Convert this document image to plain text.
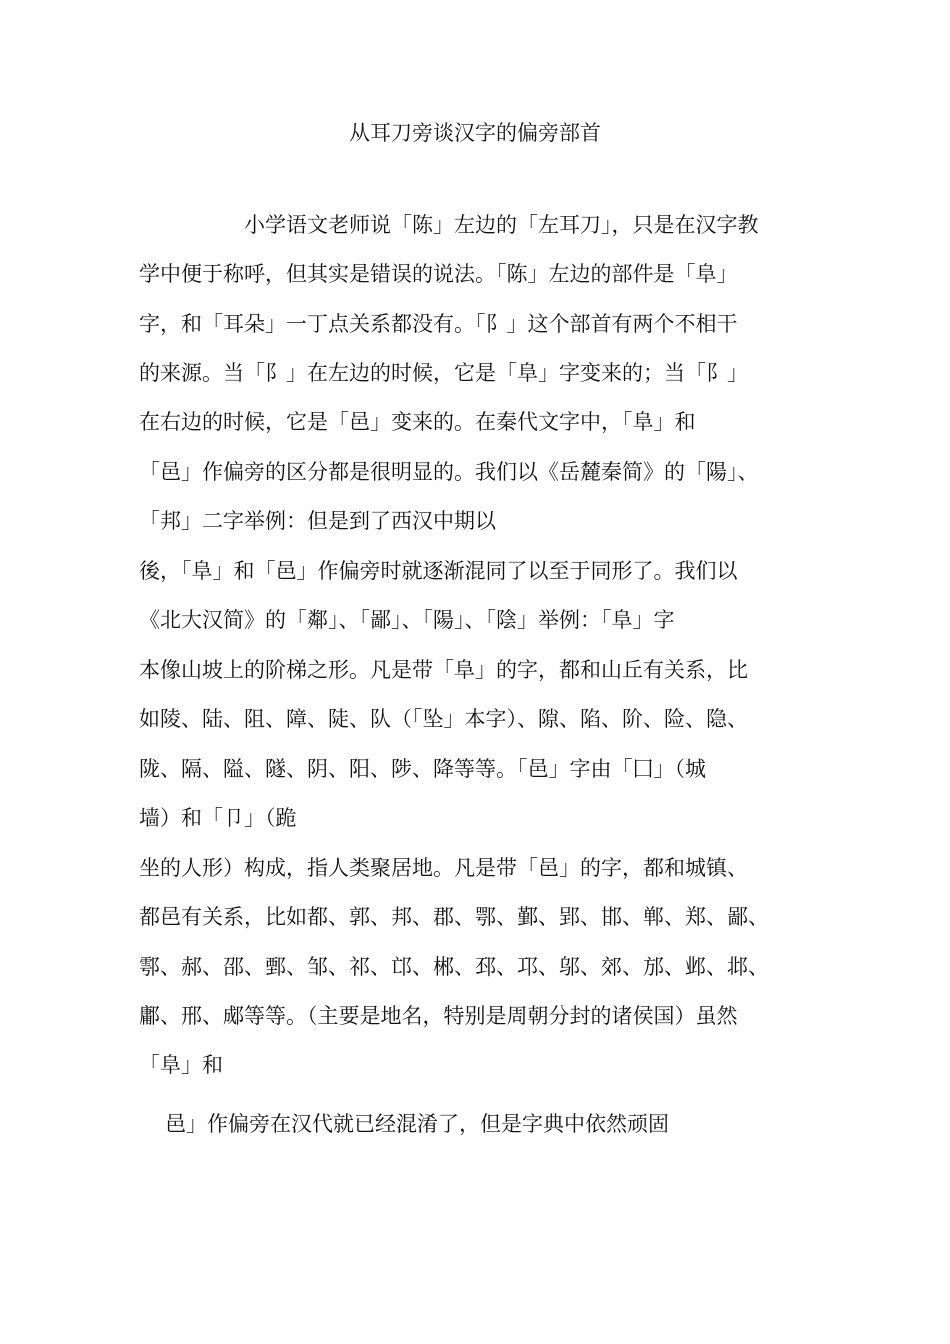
从耳刀旁谈汉字的偏旁部首
小学语文老师说「陈」左边的「左耳刀」，只是在汉字教
学中便于称呼，但其实是错误的说法。「陈」左边的部件是「阜」
字，和「耳朵」一丁点关系都没有。「阝」这个部首有两个不相干
的来源。当「阝」在左边的时候，它是「阜」字变来的；当「阝」
在右边的时候，它是「邑」变来的。在秦代文字中，「阜」和
「邑」作偏旁的区分都是很明显的。我们以《岳麓秦简》的「陽」、
「邦」二字举例：但是到了西汉中期以
後，「阜」和「邑」作偏旁时就逐渐混同了以至于同形了。我们以
《北大汉简》的「鄰」、「鄙」、「陽」、「陰」举例：「阜」字
本像山坡上的阶梯之形。凡是带「阜」的字，都和山丘有关系，比
如陵、陆、阻、障、陡、队（「坠」本字）、隙、陷、阶、险、隐、
陇、隔、隘、隧、阴、阳、陟、降等等。「邑」字由「囗」（城
墙）和「卩」（跪
坐的人形）构成，指人类聚居地。凡是带「邑」的字，都和城镇、
都邑有关系，比如都、郭、邦、郡、鄂、鄞、郢、邯、郸、郑、鄙、
鄠、郝、邵、鄄、邹、祁、邙、郴、邳、邛、邬、郊、邡、邺、邶、
鄘、邢、郕等等。（主要是地名，特别是周朝分封的诸侯国）虽然
「阜」和
邑」作偏旁在汉代就已经混淆了，但是字典中依然顽固
